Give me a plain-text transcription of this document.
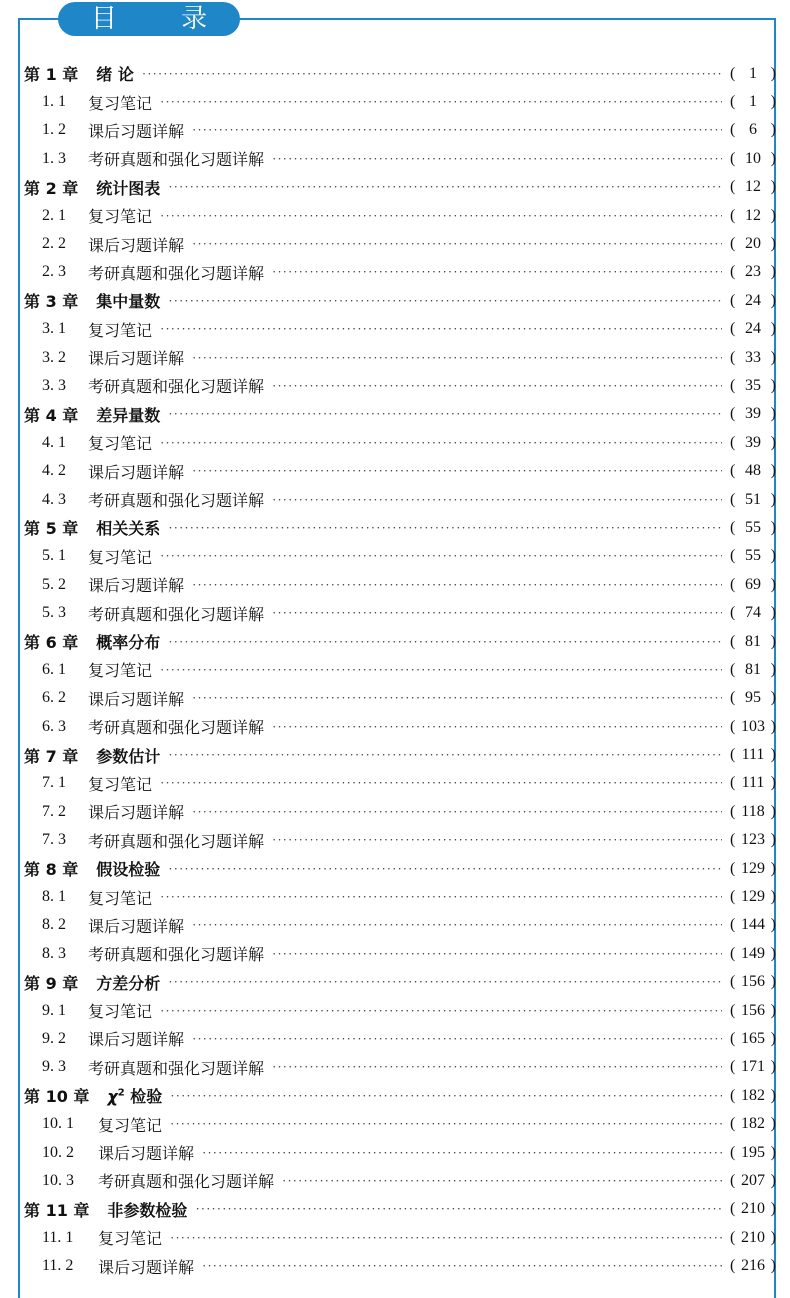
目 录
第 1 章 绪 论 ·····	( 1 )
1. 1	复习笔记 ·····	( 1 )
1. 2	课后习题详解 ·····	( 6 )
1. 3	考研真题和强化习题详解 ·····	( 10 )
第 2 章 统计图表 ·····	( 12 )
2. 1	复习笔记 ·····	( 12 )
2. 2	课后习题详解 ·····	( 20 )
2. 3	考研真题和强化习题详解 ·····	( 23 )
第 3 章 集中量数 ·····	( 24 )
3. 1	复习笔记 ·····	( 24 )
3. 2	课后习题详解 ·····	( 33 )
3. 3	考研真题和强化习题详解 ·····	( 35 )
第 4 章 差异量数 ·····	( 39 )
4. 1	复习笔记 ·····	( 39 )
4. 2	课后习题详解 ·····	( 48 )
4. 3	考研真题和强化习题详解 ·····	( 51 )
第 5 章 相关关系 ·····	( 55 )
5. 1	复习笔记 ·····	( 55 )
5. 2	课后习题详解 ·····	( 69 )
5. 3	考研真题和强化习题详解 ·····	( 74 )
第 6 章 概率分布 ·····	( 81 )
6. 1	复习笔记 ·····	( 81 )
6. 2	课后习题详解 ·····	( 95 )
6. 3	考研真题和强化习题详解 ·····	( 103 )
第 7 章 参数估计 ·····	( 111 )
7. 1	复习笔记 ·····	( 111 )
7. 2	课后习题详解 ·····	( 118 )
7. 3	考研真题和强化习题详解 ·····	( 123 )
第 8 章 假设检验 ·····	( 129 )
8. 1	复习笔记 ·····	( 129 )
8. 2	课后习题详解 ·····	( 144 )
8. 3	考研真题和强化习题详解 ·····	( 149 )
第 9 章 方差分析 ·····	( 156 )
9. 1	复习笔记 ·····	( 156 )
9. 2	课后习题详解 ·····	( 165 )
9. 3	考研真题和强化习题详解 ·····	( 171 )
第 10 章 $\chi^2$ 检验 ·····	( 182 )
10. 1	复习笔记 ·····	( 182 )
10. 2	课后习题详解 ·····	( 195 )
10. 3	考研真题和强化习题详解 ·····	( 207 )
第 11 章 非参数检验 ·····	( 210 )
11. 1	复习笔记 ·····	( 210 )
11. 2	课后习题详解 ·····	( 216 )
